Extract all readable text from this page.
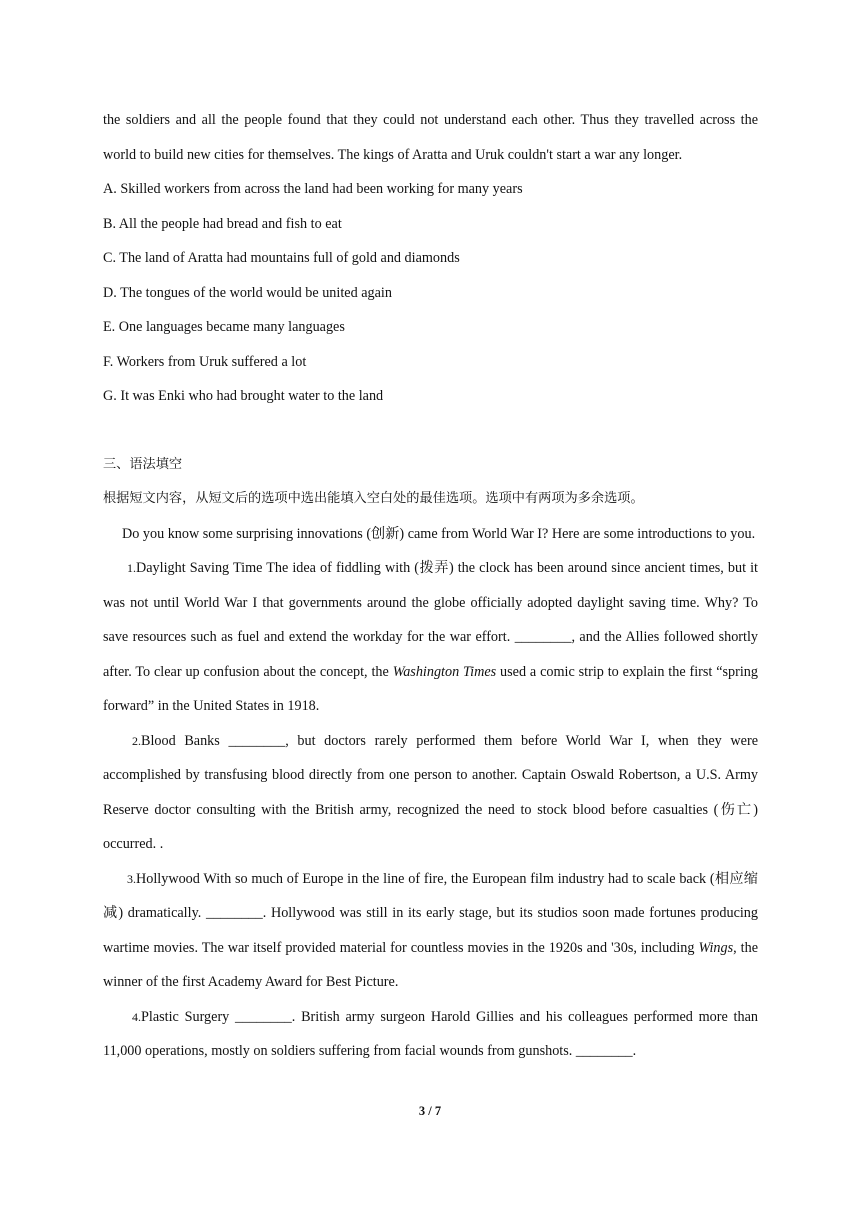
the soldiers and all the people found that they could not understand each other. Thus they travelled across the world to build new cities for themselves. The kings of Aratta and Uruk couldn't start a war any longer.

A. Skilled workers from across the land had been working for many years

B. All the people had bread and fish to eat

C. The land of Aratta had mountains full of gold and diamonds

D. The tongues of the world would be united again

E. One languages became many languages

F. Workers from Uruk suffered a lot

G. It was Enki who had brought water to the land

三、语法填空

根据短文内容，从短文后的选项中选出能填入空白处的最佳选项。选项中有两项为多余选项。

Do you know some surprising innovations (创新) came from World War I? Here are some introductions to you.

1.Daylight Saving Time The idea of fiddling with (拨弄) the clock has been around since ancient times, but it was not until World War I that governments around the globe officially adopted daylight saving time. Why? To save resources such as fuel and extend the workday for the war effort. ________, and the Allies followed shortly after. To clear up confusion about the concept, the Washington Times used a comic strip to explain the first “spring forward” in the United States in 1918.

2.Blood Banks ________, but doctors rarely performed them before World War I, when they were accomplished by transfusing blood directly from one person to another. Captain Oswald Robertson, a U.S. Army Reserve doctor consulting with the British army, recognized the need to stock blood before casualties (伤亡) occurred. .

3.Hollywood With so much of Europe in the line of fire, the European film industry had to scale back (相应缩减) dramatically. ________. Hollywood was still in its early stage, but its studios soon made fortunes producing wartime movies. The war itself provided material for countless movies in the 1920s and '30s, including Wings, the winner of the first Academy Award for Best Picture.

4.Plastic Surgery ________. British army surgeon Harold Gillies and his colleagues performed more than 11,000 operations, mostly on soldiers suffering from facial wounds from gunshots. ________.

3 / 7
